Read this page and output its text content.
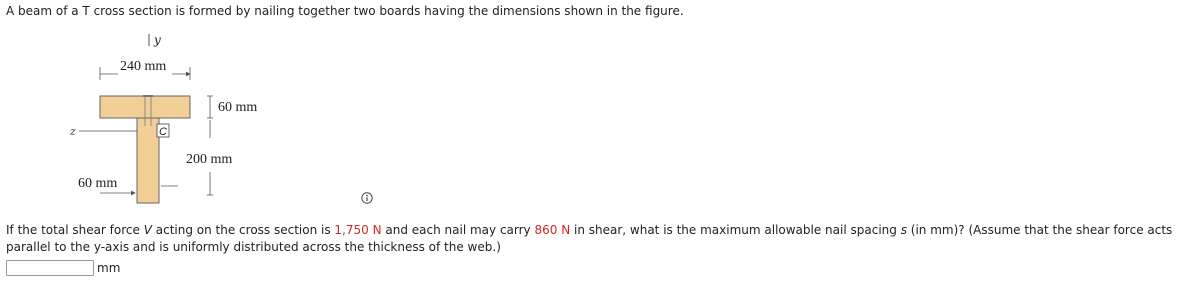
A beam of a T cross section is formed by nailing together two boards having the dimensions shown in the figure.
y
240 mm
z	C
60 mm
200 mm
60 mm
If the total shear force V acting on the cross section is 1,750 N and each nail may carry 860 N in shear, what is the maximum allowable nail spacing s (in mm)? (Assume that the shear force acts parallel to the y-axis and is uniformly distributed across the thickness of the web.)
mm
